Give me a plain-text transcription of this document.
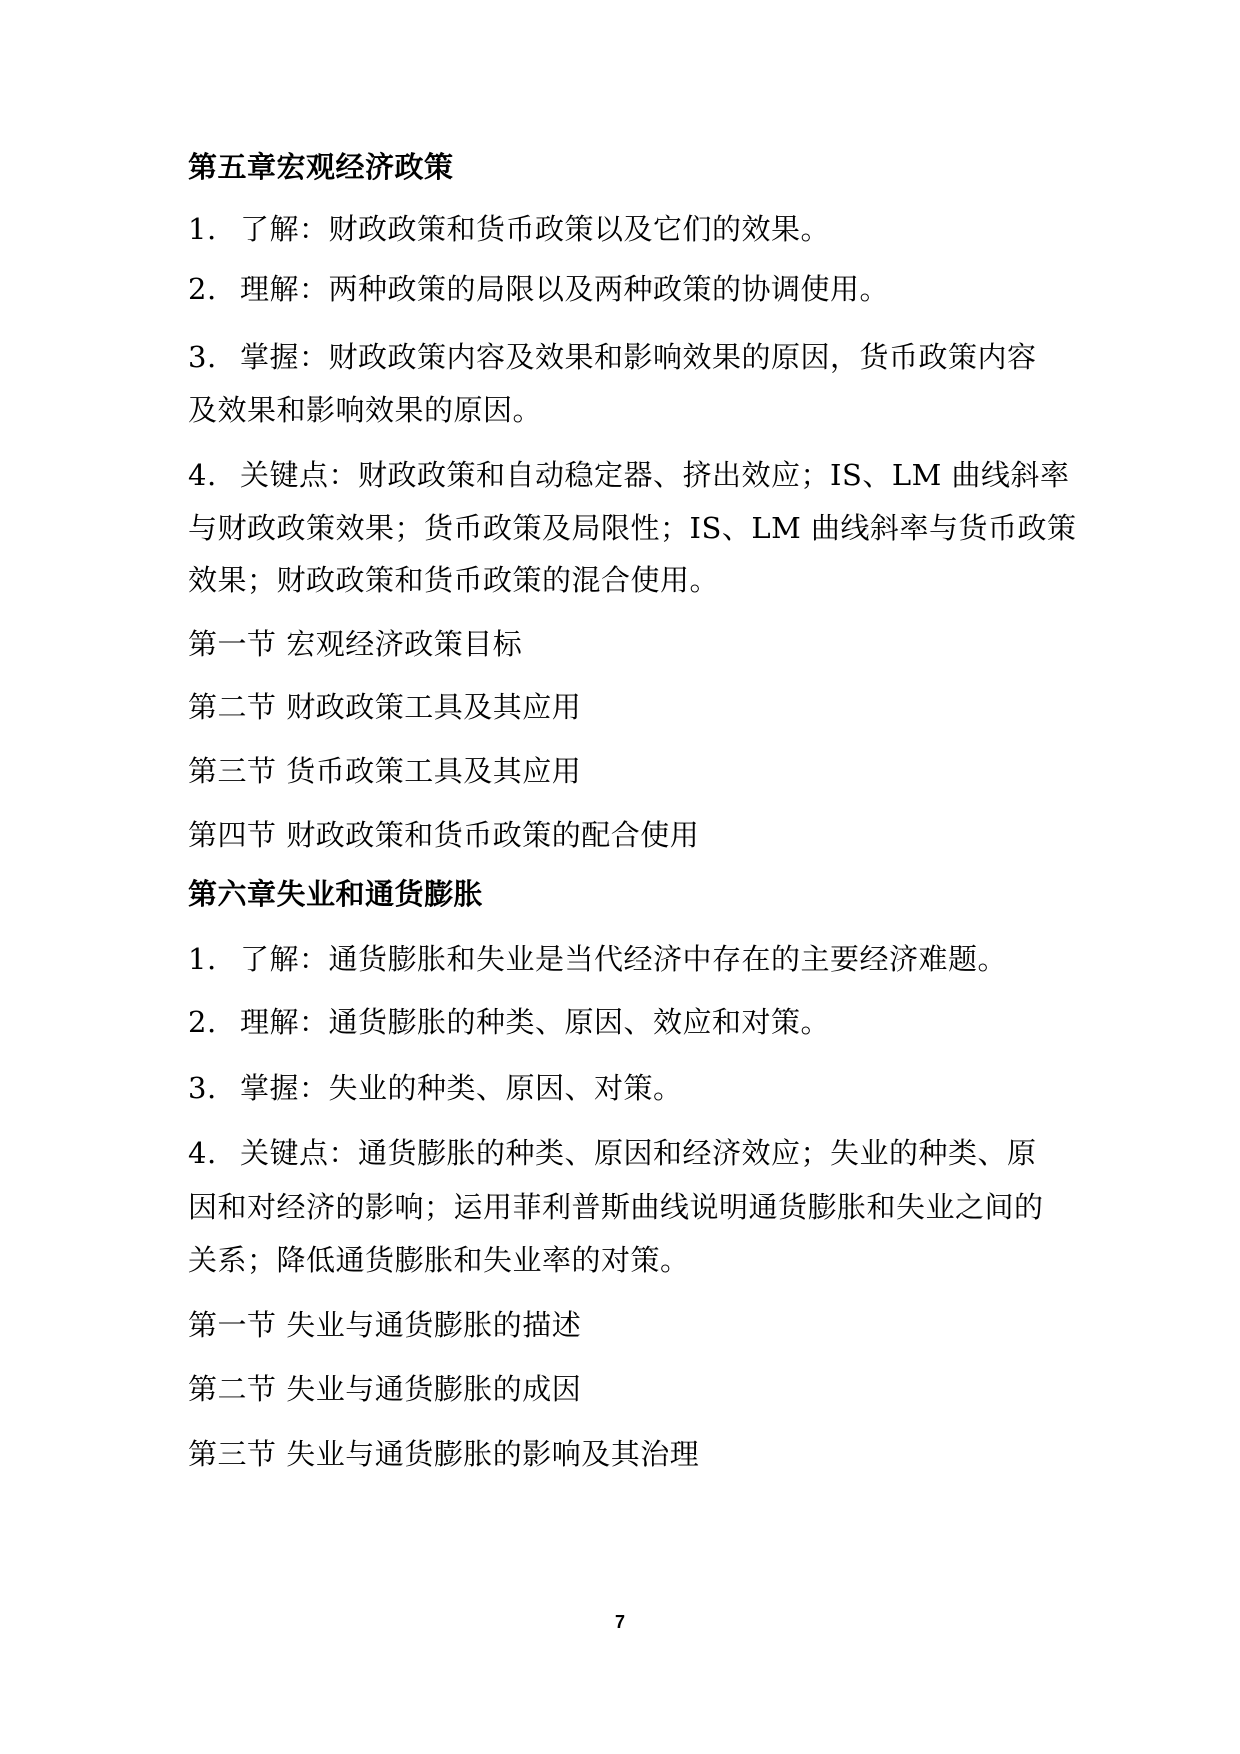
第五章宏观经济政策
1. 了解：财政政策和货币政策以及它们的效果。
2. 理解：两种政策的局限以及两种政策的协调使用。
3. 掌握：财政政策内容及效果和影响效果的原因，货币政策内容
及效果和影响效果的原因。
4. 关键点：财政政策和自动稳定器、挤出效应；IS、LM 曲线斜率
与财政政策效果；货币政策及局限性；IS、LM 曲线斜率与货币政策
效果；财政政策和货币政策的混合使用。
第一节 宏观经济政策目标
第二节 财政政策工具及其应用
第三节 货币政策工具及其应用
第四节 财政政策和货币政策的配合使用
第六章失业和通货膨胀
1. 了解：通货膨胀和失业是当代经济中存在的主要经济难题。
2. 理解：通货膨胀的种类、原因、效应和对策。
3. 掌握：失业的种类、原因、对策。
4. 关键点：通货膨胀的种类、原因和经济效应；失业的种类、原
因和对经济的影响；运用菲利普斯曲线说明通货膨胀和失业之间的
关系；降低通货膨胀和失业率的对策。
第一节 失业与通货膨胀的描述
第二节 失业与通货膨胀的成因
第三节 失业与通货膨胀的影响及其治理
7
